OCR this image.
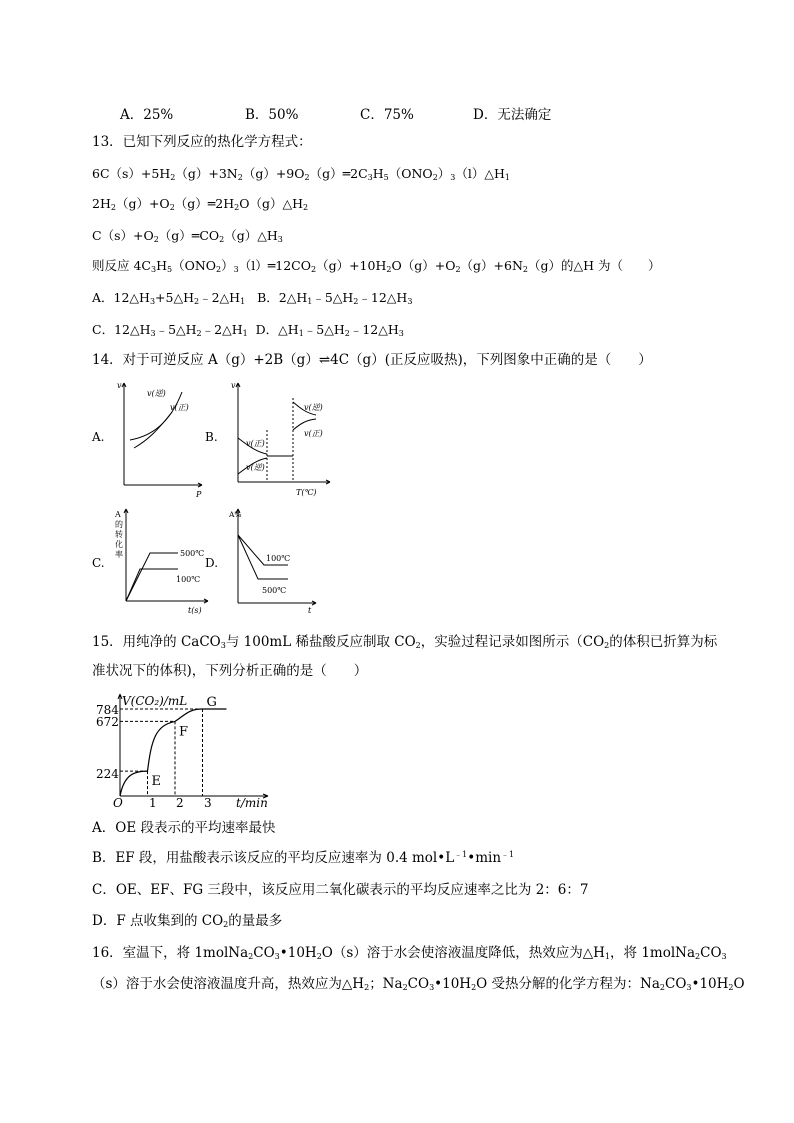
A．25%	B．50%	C．75%	D．无法确定
13．已知下列反应的热化学方程式：
$6C(s)+5H_2(g)+3N_2(g)+9O_2(g)═2C_3H_5(ONO_2)_3(l)\triangle H_1$
$2H_2(g)+O_2(g)═2H_2O(g)\triangle H_2$
$C(s)+O_2(g)═CO_2(g)\triangle H_3$
则反应 $4C_3H_5(ONO_2)_3(l)═12CO_2(g)+10H_2O(g)+O_2(g)+6N_2(g)$的△H 为（　　）
A．$12\triangle H_3+5\triangle H_2﹣2\triangle H_1$ B．$2\triangle H_1﹣5\triangle H_2﹣12\triangle H_3$
C．$12\triangle H_3﹣5\triangle H_2﹣2\triangle H_1$ D．$\triangle H_1﹣5\triangle H_2﹣12\triangle H_3$
14．对于可逆反应 A（g）+2B（g）⇌4C（g）(正反应吸热)，下列图象中正确的是（　　）
A.	B.
C.	D.
v
P
v(逆)
v(正)
v
T(℃)
v(正)
v(逆)
v(逆)
v(正)
A
的
转
化
率
t(s)
500℃
100℃
A%
t
100℃
500℃
15．用纯净的 CaCO$_3$与 100mL 稀盐酸反应制取 $CO_2$，实验过程记录如图所示（$CO_2$的体积已折算为标
准状况下的体积)，下列分析正确的是（　　）
V(CO₂)/mL
t/min
784
672
224
O 1 2 3
E
F
G
A．OE 段表示的平均速率最快
B．EF 段，用盐酸表示该反应的平均反应速率为 0.4 $mol•L^{﹣1}•\min^{﹣1}$
C．OE、EF、FG 三段中，该反应用二氧化碳表示的平均反应速率之比为 2：6：7
D．F 点收集到的 $CO_2$的量最多
16．室温下，将 $1molNa_2CO_3•10H_2O(s)$溶于水会使溶液温度降低，热效应为$\triangle H_1$，将 $1molNa_2CO_3$
（s）溶于水会使溶液温度升高，热效应为$\triangle H_2$；$Na_2CO_3•10H_2O$ 受热分解的化学方程为：$Na_2CO_3•10H_2O$
